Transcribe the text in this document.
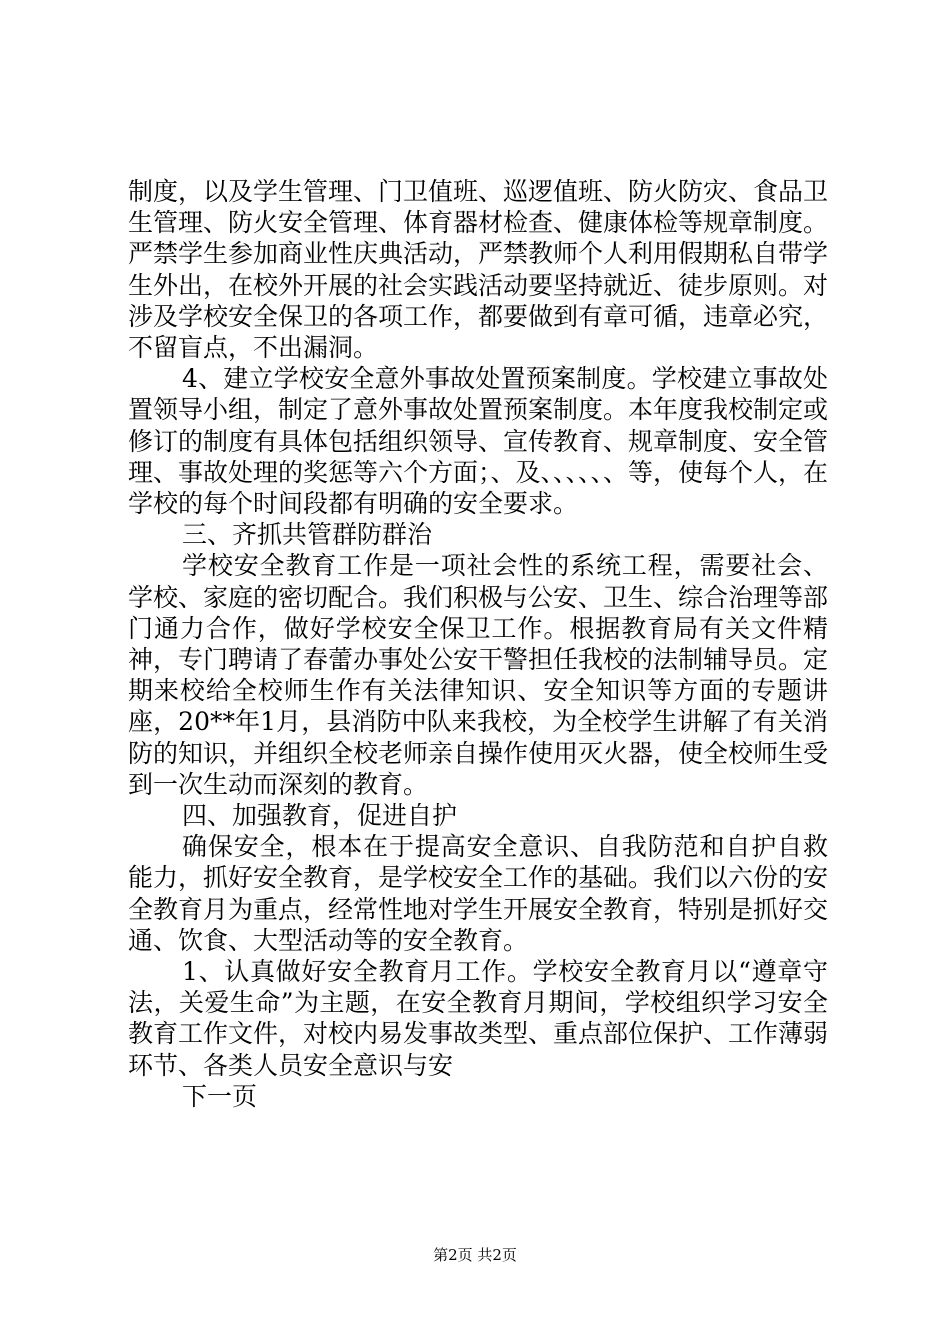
制度，以及学生管理、门卫值班、巡逻值班、防火防灾、食品卫生管理、防火安全管理、体育器材检查、健康体检等规章制度。严禁学生参加商业性庆典活动，严禁教师个人利用假期私自带学生外出，在校外开展的社会实践活动要坚持就近、徒步原则。对涉及学校安全保卫的各项工作，都要做到有章可循，违章必究，不留盲点，不出漏洞。

4、建立学校安全意外事故处置预案制度。学校建立事故处置领导小组，制定了意外事故处置预案制度。本年度我校制定或修订的制度有具体包括组织领导、宣传教育、规章制度、安全管理、事故处理的奖惩等六个方面；、及、、、、、、等，使每个人，在学校的每个时间段都有明确的安全要求。

三、齐抓共管群防群治

学校安全教育工作是一项社会性的系统工程，需要社会、学校、家庭的密切配合。我们积极与公安、卫生、综合治理等部门通力合作，做好学校安全保卫工作。根据教育局有关文件精神，专门聘请了春蕾办事处公安干警担任我校的法制辅导员。定期来校给全校师生作有关法律知识、安全知识等方面的专题讲座，20**年1月，县消防中队来我校，为全校学生讲解了有关消防的知识，并组织全校老师亲自操作使用灭火器，使全校师生受到一次生动而深刻的教育。

四、加强教育，促进自护

确保安全，根本在于提高安全意识、自我防范和自护自救能力，抓好安全教育，是学校安全工作的基础。我们以六份的安全教育月为重点，经常性地对学生开展安全教育，特别是抓好交通、饮食、大型活动等的安全教育。

1、认真做好安全教育月工作。学校安全教育月以“遵章守法，关爱生命”为主题，在安全教育月期间，学校组织学习安全教育工作文件，对校内易发事故类型、重点部位保护、工作薄弱环节、各类人员安全意识与安

下一页

第2页 共2页
